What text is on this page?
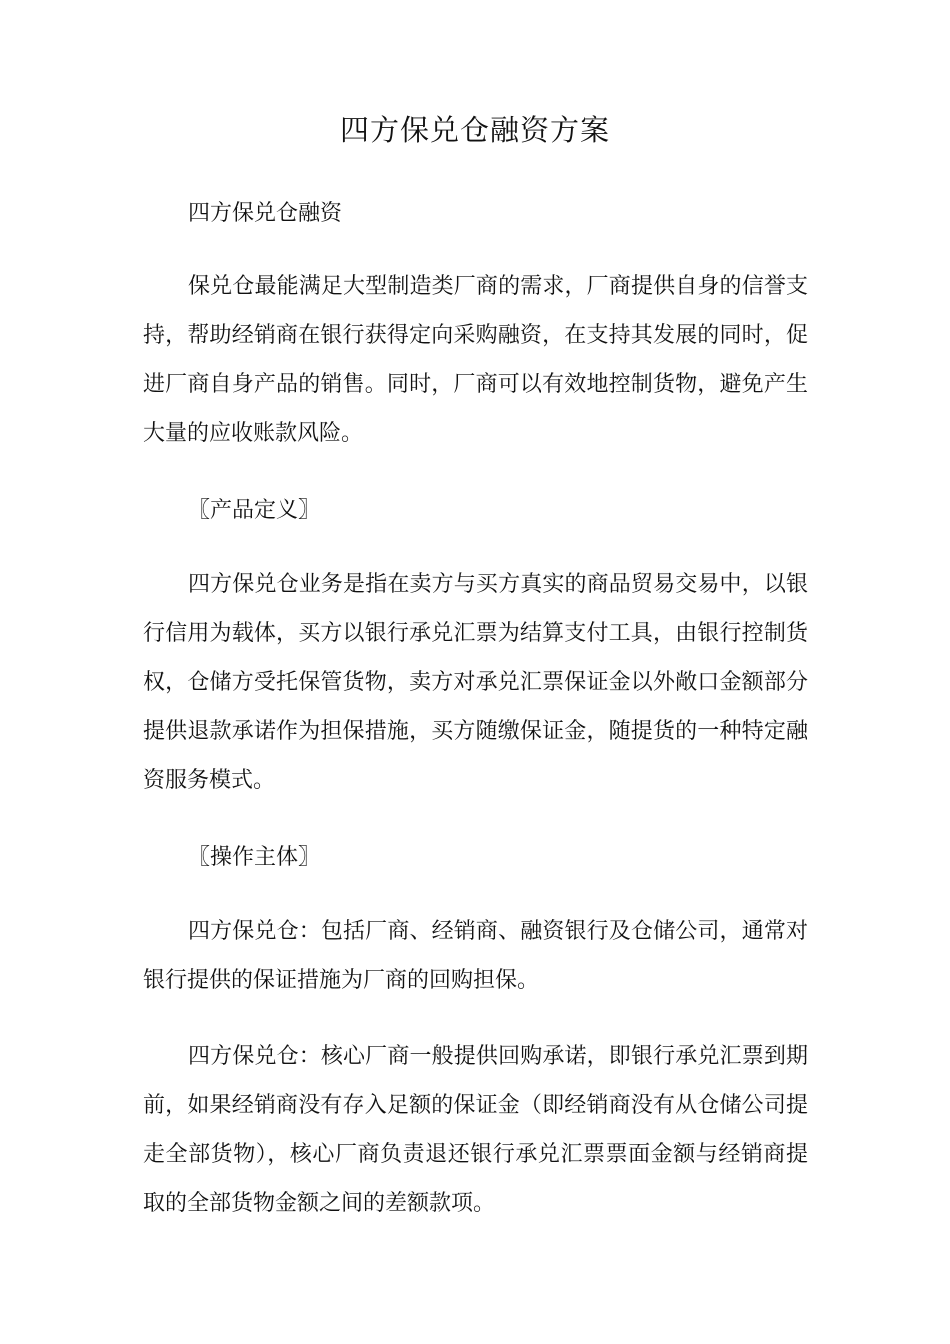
四方保兑仓融资方案

四方保兑仓融资

保兑仓最能满足大型制造类厂商的需求，厂商提供自身的信誉支持，帮助经销商在银行获得定向采购融资，在支持其发展的同时，促进厂商自身产品的销售。同时，厂商可以有效地控制货物，避免产生大量的应收账款风险。

〖产品定义〗

四方保兑仓业务是指在卖方与买方真实的商品贸易交易中，以银行信用为载体，买方以银行承兑汇票为结算支付工具，由银行控制货权，仓储方受托保管货物，卖方对承兑汇票保证金以外敞口金额部分提供退款承诺作为担保措施，买方随缴保证金，随提货的一种特定融资服务模式。

〖操作主体〗

四方保兑仓：包括厂商、经销商、融资银行及仓储公司，通常对银行提供的保证措施为厂商的回购担保。

四方保兑仓：核心厂商一般提供回购承诺，即银行承兑汇票到期前，如果经销商没有存入足额的保证金（即经销商没有从仓储公司提走全部货物），核心厂商负责退还银行承兑汇票票面金额与经销商提取的全部货物金额之间的差额款项。
